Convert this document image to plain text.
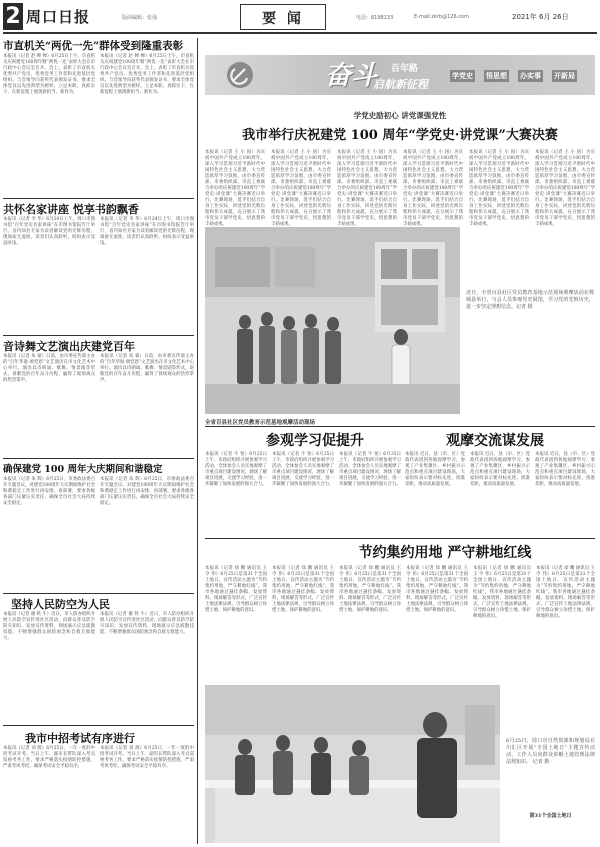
2 周口日报	版面编辑：张强	要 闻	电话：8198133	E-mail:zkrb@126.com	2021年 6月 26日
市直机关“两优一先”群体受到隆重表彰
本报讯（记者 赵 婵 婵）6月25日上午，市直机关庆祝建党100周年暨“两优一先”表彰大会在市行政中心会议室召开。会上，表彰了市直机关优秀共产党员、优秀党务工作者和先进基层党组织。与会领导向获奖代表颁发证书，要求全体党员以先进典型为榜样，立足本职、真抓实干，在新征程上展现新担当、新作为。
本报讯（记者 赵 婵 婵）6月25日上午，市直机关庆祝建党100周年暨“两优一先”表彰大会在市行政中心会议室召开。会上，表彰了市直机关优秀共产党员、优秀党务工作者和先进基层党组织。与会领导向获奖代表颁发证书，要求全体党员以先进典型为榜样，立足本职、真抓实干，在新征程上展现新担当、新作为。
共怀名家讲座 悦享书韵飘香
本报讯（记者 李 华）6月24日上午，周口市图书馆“百年党史名家讲座”在市图书馆报告厅举行，省内知名专家为读者解读党的光辉历程，现场座无虚席，读者们认真聆听，纷纷表示受益匪浅。
本报讯（记者 李 华）6月24日上午，周口市图书馆“百年党史名家讲座”在市图书馆报告厅举行，省内知名专家为读者解读党的光辉历程，现场座无虚席，读者们认真聆听，纷纷表示受益匪浅。
音诗舞文艺演出庆建党百年
本报讯（记者 朱 蒙）日前，由市委宣传部主办的“百年华诞·颂党恩”文艺演出在市文化艺术中心举行。演出以诗朗诵、歌舞、情景剧等形式，讴歌党的百年奋斗历程，赢得了现场观众的热烈掌声。
本报讯（记者 朱 蒙）日前，由市委宣传部主办的“百年华诞·颂党恩”文艺演出在市文化艺术中心举行。演出以诗朗诵、歌舞、情景剧等形式，讴歌党的百年奋斗历程，赢得了现场观众的热烈掌声。
确保建党 100 周年大庆期间和谐稳定
本报讯（记者 朱 辉）6月25日，市委政法委召开专题会议，对建党100周年大庆期间维护社会和谐稳定工作进行再安排、再部署，要求各级各部门压紧压实责任，确保全市社会大局持续安全稳定。
本报讯（记者 朱 辉）6月25日，市委政法委召开专题会议，对建党100周年大庆期间维护社会和谐稳定工作进行再安排、再部署，要求各级各部门压紧压实责任，确保全市社会大局持续安全稳定。
坚持人民防空为人民
本报讯（记者 谢 铁 牛）近日，市人防办组织开展人民防空宣传进社区活动，向群众普及防空防灾知识，发放宣传资料，现场演示应急疏散技能，不断增强群众国防观念和自救互救能力。
本报讯（记者 谢 铁 牛）近日，市人防办组织开展人民防空宣传进社区活动，向群众普及防空防灾知识，发放宣传资料，现场演示应急疏散技能，不断增强群众国防观念和自救互救能力。
我市中招考试有序进行
本报讯（记者 刘 源）6月25日，一年一度的中招考试开考。当日上午，副市长带队深入考点巡视考务工作，要求严格落实疫情防控措施，严肃考风考纪，确保考试安全平稳有序。
本报讯（记者 刘 源）6月25日，一年一度的中招考试开考。当日上午，副市长带队深入考点巡视考务工作，要求严格落实疫情防控措施，严肃考风考纪，确保考试安全平稳有序。
奋斗 百年路
启航新征程
学党史 悟思想 办实事 开新局
学党史励初心 讲党课强党性
我市举行庆祝建党 100 周年“学党史·讲党课”大赛决赛
本报讯（记者 王 小 国）为庆祝中国共产党成立100周年，深入学习贯彻习近平新时代中国特色社会主义思想，大力营造浓厚学习氛围，由市委宣传部、市委组织部、市直工委联合举办的庆祝建党100周年“学党史·讲党课”大赛决赛近日举行。比赛现场，选手们结合自身工作实际，讲述党的光辉历程和伟大成就，充分展示了我市党员干部学党史、悟思想的丰硕成果。
本报讯（记者 王 小 国）为庆祝中国共产党成立100周年，深入学习贯彻习近平新时代中国特色社会主义思想，大力营造浓厚学习氛围，由市委宣传部、市委组织部、市直工委联合举办的庆祝建党100周年“学党史·讲党课”大赛决赛近日举行。比赛现场，选手们结合自身工作实际，讲述党的光辉历程和伟大成就，充分展示了我市党员干部学党史、悟思想的丰硕成果。
本报讯（记者 王 小 国）为庆祝中国共产党成立100周年，深入学习贯彻习近平新时代中国特色社会主义思想，大力营造浓厚学习氛围，由市委宣传部、市委组织部、市直工委联合举办的庆祝建党100周年“学党史·讲党课”大赛决赛近日举行。比赛现场，选手们结合自身工作实际，讲述党的光辉历程和伟大成就，充分展示了我市党员干部学党史、悟思想的丰硕成果。
本报讯（记者 王 小 国）为庆祝中国共产党成立100周年，深入学习贯彻习近平新时代中国特色社会主义思想，大力营造浓厚学习氛围，由市委宣传部、市委组织部、市直工委联合举办的庆祝建党100周年“学党史·讲党课”大赛决赛近日举行。比赛现场，选手们结合自身工作实际，讲述党的光辉历程和伟大成就，充分展示了我市党员干部学党史、悟思想的丰硕成果。
本报讯（记者 王 小 国）为庆祝中国共产党成立100周年，深入学习贯彻习近平新时代中国特色社会主义思想，大力营造浓厚学习氛围，由市委宣传部、市委组织部、市直工委联合举办的庆祝建党100周年“学党史·讲党课”大赛决赛近日举行。比赛现场，选手们结合自身工作实际，讲述党的光辉历程和伟大成就，充分展示了我市党员干部学党史、悟思想的丰硕成果。
本报讯（记者 王 小 国）为庆祝中国共产党成立100周年，深入学习贯彻习近平新时代中国特色社会主义思想，大力营造浓厚学习氛围，由市委宣传部、市委组织部、市直工委联合举办的庆祝建党100周年“学党史·讲党课”大赛决赛近日举行。比赛现场，选手们结合自身工作实际，讲述党的光辉历程和伟大成就，充分展示了我市党员干部学党史、悟思想的丰硕成果。
近日，全省百县社区党员教育基地示范现场观摩活动在郸城县举行，与会人员参观党史展馆，学习党的光辉历史，进一步坚定理想信念。记者 摄
全省百县社区党员教育示范基地观摩活动现场
参观学习促提升
本报讯（记者 牛 恒）6月25日上午，市政府组织开展参观学习活动，全体参会人员实地观摩了市重点项目建设情况，现场了解项目进展，交流学习经验，进一步凝聚了加快发展的强大合力。
本报讯（记者 牛 恒）6月25日上午，市政府组织开展参观学习活动，全体参会人员实地观摩了市重点项目建设情况，现场了解项目进展，交流学习经验，进一步凝聚了加快发展的强大合力。
本报讯（记者 牛 恒）6月25日上午，市政府组织开展参观学习活动，全体参会人员实地观摩了市重点项目建设情况，现场了解项目进展，交流学习经验，进一步凝聚了加快发展的强大合力。
观摩交流谋发展
本报讯 近日，县（市、区）党政代表团到各地观摩学习，参观了产业集聚区、乡村振兴示范点和重点项目建设现场，大家纷纷表示要对标先进、找准差距，推动高质量发展。
本报讯 近日，县（市、区）党政代表团到各地观摩学习，参观了产业集聚区、乡村振兴示范点和重点项目建设现场，大家纷纷表示要对标先进、找准差距，推动高质量发展。
本报讯 近日，县（市、区）党政代表团到各地观摩学习，参观了产业集聚区、乡村振兴示范点和重点项目建设现场，大家纷纷表示要对标先进、找准差距，推动高质量发展。
节约集约用地 严守耕地红线
本报讯（记者 徐 鹏 通讯员 王 令 伟）6月25日是第31个全国土地日，宣传活动主题为“节约集约用地，严守耕地红线”。我市各地通过悬挂条幅、发放资料、现场解答等形式，广泛宣传土地法律法规，引导群众树立珍惜土地、保护耕地的意识。
本报讯（记者 徐 鹏 通讯员 王 令 伟）6月25日是第31个全国土地日，宣传活动主题为“节约集约用地，严守耕地红线”。我市各地通过悬挂条幅、发放资料、现场解答等形式，广泛宣传土地法律法规，引导群众树立珍惜土地、保护耕地的意识。
本报讯（记者 徐 鹏 通讯员 王 令 伟）6月25日是第31个全国土地日，宣传活动主题为“节约集约用地，严守耕地红线”。我市各地通过悬挂条幅、发放资料、现场解答等形式，广泛宣传土地法律法规，引导群众树立珍惜土地、保护耕地的意识。
本报讯（记者 徐 鹏 通讯员 王 令 伟）6月25日是第31个全国土地日，宣传活动主题为“节约集约用地，严守耕地红线”。我市各地通过悬挂条幅、发放资料、现场解答等形式，广泛宣传土地法律法规，引导群众树立珍惜土地、保护耕地的意识。
本报讯（记者 徐 鹏 通讯员 王 令 伟）6月25日是第31个全国土地日，宣传活动主题为“节约集约用地，严守耕地红线”。我市各地通过悬挂条幅、发放资料、现场解答等形式，广泛宣传土地法律法规，引导群众树立珍惜土地、保护耕地的意识。
本报讯（记者 徐 鹏 通讯员 王 令 伟）6月25日是第31个全国土地日，宣传活动主题为“节约集约用地，严守耕地红线”。我市各地通过悬挂条幅、发放资料、现场解答等形式，广泛宣传土地法律法规，引导群众树立珍惜土地、保护耕地的意识。
6月25日，周口市自然资源和规划局在川汇区开展“全国土地日”主题宣传活动，工作人员向群众讲解土地管理法律法规知识。 记者 摄
第31个全国土地日
